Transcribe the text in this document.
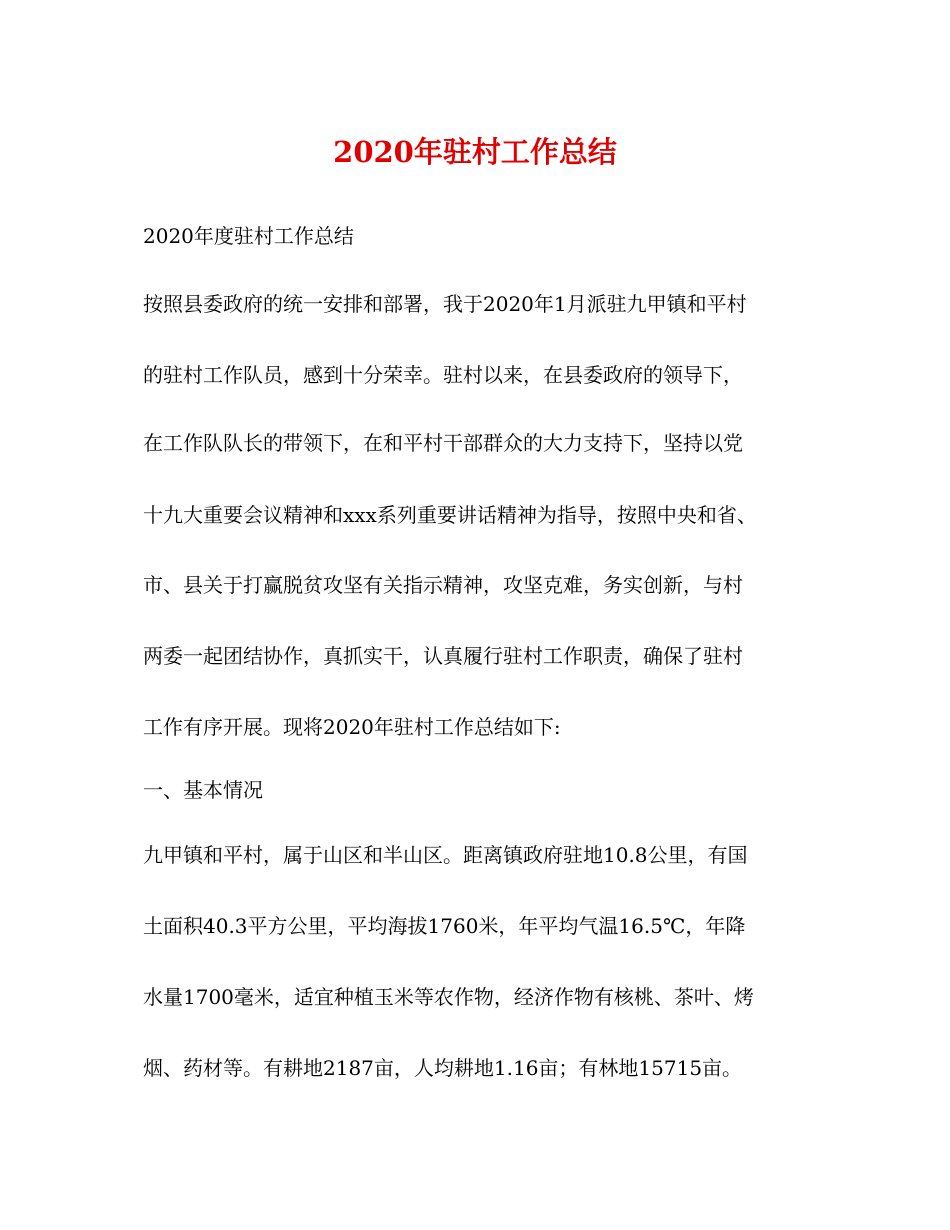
2020年驻村工作总结
2020年度驻村工作总结
按照县委政府的统一安排和部署，我于2020年1月派驻九甲镇和平村
的驻村工作队员，感到十分荣幸。驻村以来，在县委政府的领导下，
在工作队队长的带领下，在和平村干部群众的大力支持下，坚持以党
十九大重要会议精神和xxx系列重要讲话精神为指导，按照中央和省、
市、县关于打赢脱贫攻坚有关指示精神，攻坚克难，务实创新，与村
两委一起团结协作，真抓实干，认真履行驻村工作职责，确保了驻村
工作有序开展。现将2020年驻村工作总结如下:
一、基本情况
九甲镇和平村，属于山区和半山区。距离镇政府驻地10.8公里，有国
土面积40.3平方公里，平均海拔1760米，年平均气温16.5℃，年降
水量1700毫米，适宜种植玉米等农作物，经济作物有核桃、茶叶、烤
烟、药材等。有耕地2187亩，人均耕地1.16亩；有林地15715亩。
